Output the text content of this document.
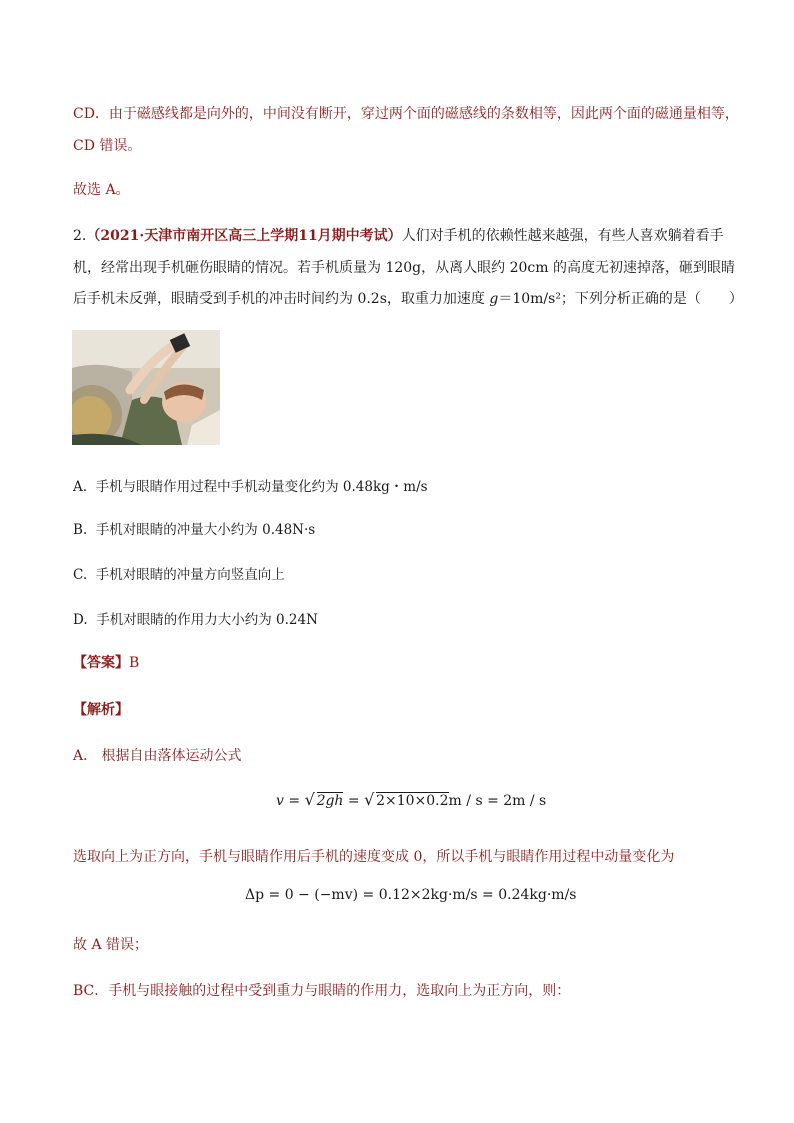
CD．由于磁感线都是向外的，中间没有断开，穿过两个面的磁感线的条数相等，因此两个面的磁通量相等，
CD 错误。
故选 A。
2.（2021·天津市南开区高三上学期11月期中考试）人们对手机的依赖性越来越强，有些人喜欢躺着看手
机，经常出现手机砸伤眼睛的情况。若手机质量为 120g，从离人眼约 20cm 的高度无初速掉落，砸到眼睛
后手机未反弹，眼睛受到手机的冲击时间约为 0.2s，取重力加速度 g＝10m/s²；下列分析正确的是（　　）
A. 手机与眼睛作用过程中手机动量变化约为 0.48kg・m/s
B. 手机对眼睛的冲量大小约为 0.48N·s
C. 手机对眼睛的冲量方向竖直向上
D. 手机对眼睛的作用力大小约为 0.24N
【答案】B
【解析】
A． 根据自由落体运动公式
v = √ 2gh = √ 2×10×0.2m / s = 2m / s
选取向上为正方向，手机与眼睛作用后手机的速度变成 0，所以手机与眼睛作用过程中动量变化为
Δp = 0 − (−mv) = 0.12×2kg·m/s = 0.24kg·m/s
故 A 错误；
BC．手机与眼接触的过程中受到重力与眼睛的作用力，选取向上为正方向，则：
